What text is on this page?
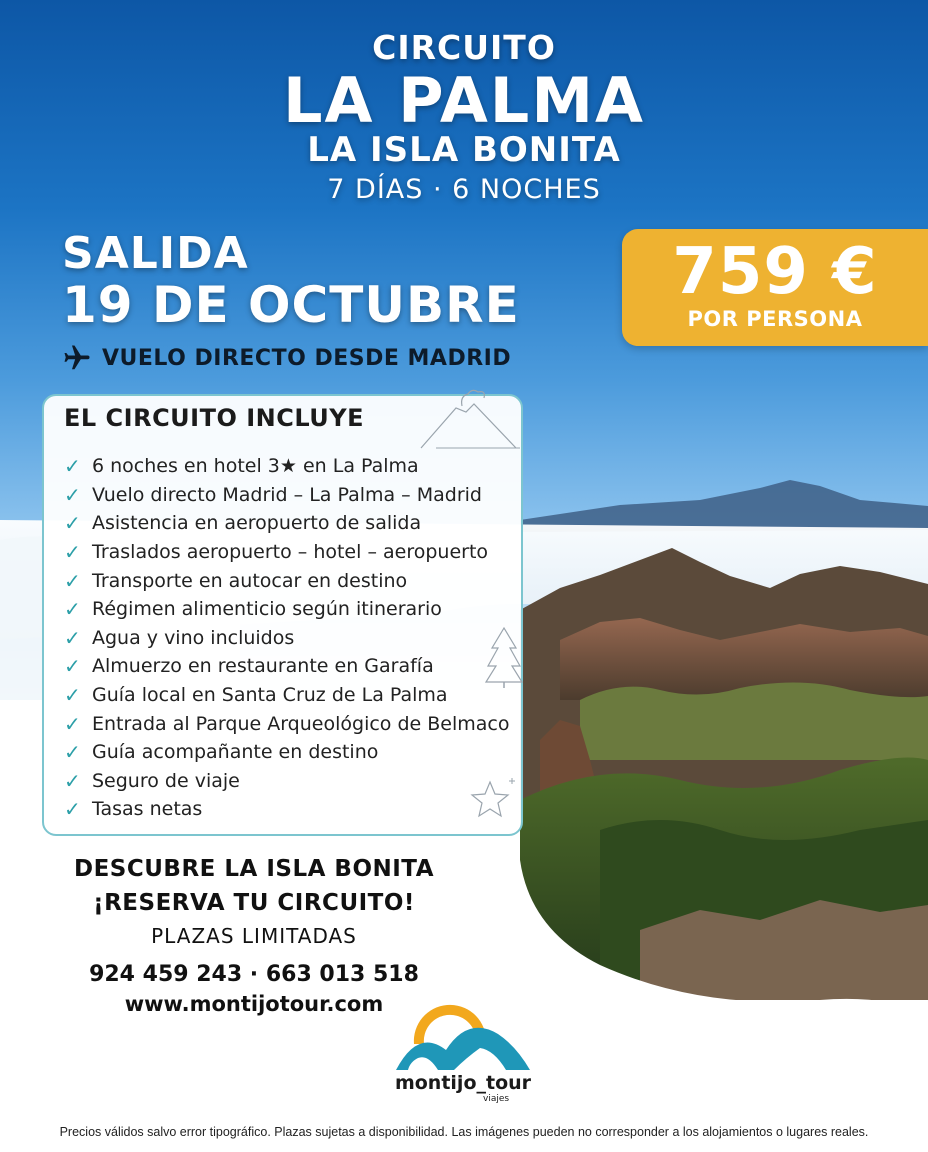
CIRCUITO
LA PALMA
LA ISLA BONITA
7 DÍAS · 6 NOCHES
SALIDA
19 DE OCTUBRE
VUELO DIRECTO DESDE MADRID
759 €
POR PERSONA
EL CIRCUITO INCLUYE
✓ 6 noches en hotel 3★ en La Palma
✓ Vuelo directo Madrid – La Palma – Madrid
✓ Asistencia en aeropuerto de salida
✓ Traslados aeropuerto – hotel – aeropuerto
✓ Transporte en autocar en destino
✓ Régimen alimenticio según itinerario
✓ Agua y vino incluidos
✓ Almuerzo en restaurante en Garafía
✓ Guía local en Santa Cruz de La Palma
✓ Entrada al Parque Arqueológico de Belmaco
✓ Guía acompañante en destino
✓ Seguro de viaje
✓ Tasas netas
DESCUBRE LA ISLA BONITA
¡RESERVA TU CIRCUITO!
PLAZAS LIMITADAS
924 459 243 · 663 013 518
www.montijotour.com
montijo_tour
viajes
Precios válidos salvo error tipográfico. Plazas sujetas a disponibilidad. Las imágenes pueden no corresponder a los alojamientos o lugares reales.
